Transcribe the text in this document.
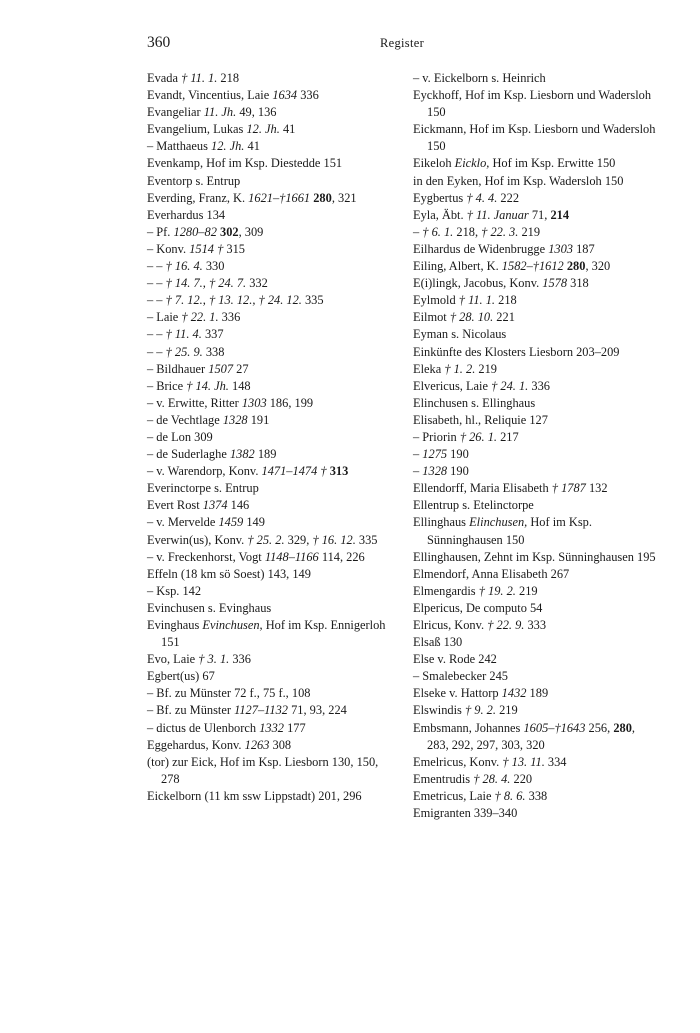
360	Register

Evada † 11. 1. 218

Evandt, Vincentius, Laie 1634 336

Evangeliar 11. Jh. 49, 136

Evangelium, Lukas 12. Jh. 41

– Matthaeus 12. Jh. 41

Evenkamp, Hof im Ksp. Diestedde 151

Eventorp s. Entrup

Everding, Franz, K. 1621–†1661 280, 321

Everhardus 134

– Pf. 1280–82 302, 309

– Konv. 1514 † 315

– – † 16. 4. 330

– – † 14. 7., † 24. 7. 332

– – † 7. 12., † 13. 12., † 24. 12. 335

– Laie † 22. 1. 336

– – † 11. 4. 337

– – † 25. 9. 338

– Bildhauer 1507 27

– Brice † 14. Jh. 148

– v. Erwitte, Ritter 1303 186, 199

– de Vechtlage 1328 191

– de Lon 309

– de Suderlaghe 1382 189

– v. Warendorp, Konv. 1471–1474 † 313

Everinctorpe s. Entrup

Evert Rost 1374 146

– v. Mervelde 1459 149

Everwin(us), Konv. † 25. 2. 329, † 16. 12. 335

– v. Freckenhorst, Vogt 1148–1166 114, 226

Effeln (18 km sö Soest) 143, 149

– Ksp. 142

Evinchusen s. Evinghaus

Evinghaus Evinchusen, Hof im Ksp. Ennigerloh 151

Evo, Laie † 3. 1. 336

Egbert(us) 67

– Bf. zu Münster 72 f., 75 f., 108

– Bf. zu Münster 1127–1132 71, 93, 224

– dictus de Ulenborch 1332 177

Eggehardus, Konv. 1263 308

(tor) zur Eick, Hof im Ksp. Liesborn 130, 150, 278

Eickelborn (11 km ssw Lippstadt) 201, 296

– v. Eickelborn s. Heinrich

Eyckhoff, Hof im Ksp. Liesborn und Wadersloh 150

Eickmann, Hof im Ksp. Liesborn und Wadersloh 150

Eikeloh Eicklo, Hof im Ksp. Erwitte 150

in den Eyken, Hof im Ksp. Wadersloh 150

Eygbertus † 4. 4. 222

Eyla, Äbt. † 11. Januar 71, 214

– † 6. 1. 218, † 22. 3. 219

Eilhardus de Widenbrugge 1303 187

Eiling, Albert, K. 1582–†1612 280, 320

E(i)lingk, Jacobus, Konv. 1578 318

Eylmold † 11. 1. 218

Eilmot † 28. 10. 221

Eyman s. Nicolaus

Einkünfte des Klosters Liesborn 203–209

Eleka † 1. 2. 219

Elvericus, Laie † 24. 1. 336

Elinchusen s. Ellinghaus

Elisabeth, hl., Reliquie 127

– Priorin † 26. 1. 217

– 1275 190

– 1328 190

Ellendorff, Maria Elisabeth † 1787 132

Ellentrup s. Etelinctorpe

Ellinghaus Elinchusen, Hof im Ksp. Sünninghausen 150

Ellinghausen, Zehnt im Ksp. Sünninghausen 195

Elmendorf, Anna Elisabeth 267

Elmengardis † 19. 2. 219

Elpericus, De computo 54

Elricus, Konv. † 22. 9. 333

Elsaß 130

Else v. Rode 242

– Smalebecker 245

Elseke v. Hattorp 1432 189

Elswindis † 9. 2. 219

Embsmann, Johannes 1605–†1643 256, 280, 283, 292, 297, 303, 320

Emelricus, Konv. † 13. 11. 334

Ementrudis † 28. 4. 220

Emetricus, Laie † 8. 6. 338

Emigranten 339–340
